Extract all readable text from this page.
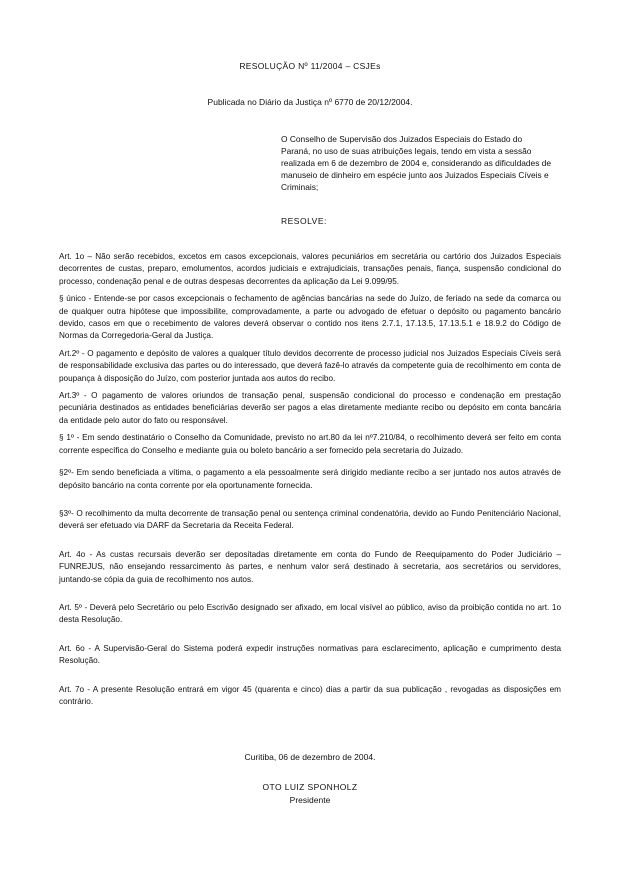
RESOLUÇÃO Nº 11/2004 – CSJEs
Publicada no Diário da Justiça nº 6770 de 20/12/2004.
O Conselho de Supervisão dos Juizados Especiais do Estado do Paraná, no uso de suas atribuições legais, tendo em vista a sessão realizada em 6 de dezembro de 2004 e, considerando as dificuldades de manuseio de dinheiro em espécie junto aos Juizados Especiais Cíveis e Criminais;
RESOLVE:

Art. 1o – Não serão recebidos, excetos em casos excepcionais, valores pecuniários em secretária ou cartório dos Juizados Especiais decorrentes de custas, preparo, emolumentos, acordos judiciais e extrajudiciais, transações penais, fiança, suspensão condicional do processo, condenação penal e de outras despesas decorrentes da aplicação da Lei 9.099/95.

§ único - Entende-se por casos excepcionais o fechamento de agências bancárias na sede do Juízo, de feriado na sede da comarca ou de qualquer outra hipótese que impossibilite, comprovadamente, a parte ou advogado de efetuar o depósito ou pagamento bancário devido, casos em que o recebimento de valores deverá observar o contido nos itens 2.7.1, 17.13.5, 17.13.5.1 e 18.9.2 do Código de Normas da Corregedoria-Geral da Justiça.

Art.2º - O pagamento e depósito de valores a qualquer título devidos decorrente de processo judicial nos Juizados Especiais Cíveis será de responsabilidade exclusiva das partes ou do interessado, que deverá fazê-lo através da competente guia de recolhimento em conta de poupança à disposição do Juízo, com posterior juntada aos autos do recibo.

Art.3º - O pagamento de valores oriundos de transação penal, suspensão condicional do processo e condenação em prestação pecuniária destinados as entidades beneficiárias deverão ser pagos a elas diretamente mediante recibo ou depósito em conta bancária da entidade pelo autor do fato ou responsável.

§ 1º - Em sendo destinatário o Conselho da Comunidade, previsto no art.80 da lei nº7.210/84, o recolhimento deverá ser feito em conta corrente específica do Conselho e mediante guia ou boleto bancário a ser fornecido pela secretaria do Juizado.

§2º- Em sendo beneficiada a vítima, o pagamento a ela pessoalmente será dirigido mediante recibo a ser juntado nos autos através de depósito bancário na conta corrente por ela oportunamente fornecida.

§3º- O recolhimento da multa decorrente de transação penal ou sentença criminal condenatória, devido ao Fundo Penitenciário Nacional, deverá ser efetuado via DARF da Secretaria da Receita Federal.

Art. 4o - As custas recursais deverão ser depositadas diretamente em conta do Fundo de Reequipamento do Poder Judiciário – FUNREJUS, não ensejando ressarcimento às partes, e nenhum valor será destinado à secretaria, aos secretários ou servidores, juntando-se cópia da guia de recolhimento nos autos.

Art. 5º - Deverá pelo Secretário ou pelo Escrivão designado ser afixado, em local visível ao público, aviso da proibição contida no art. 1o desta Resolução.

Art. 6o - A Supervisão-Geral do Sistema poderá expedir instruções normativas para esclarecimento, aplicação e cumprimento desta Resolução.

Art. 7o - A presente Resolução entrará em vigor 45 (quarenta e cinco) dias a partir da sua publicação , revogadas as disposições em contrário.

Curitiba, 06 de dezembro de 2004.
OTO LUIZ SPONHOLZ
Presidente
